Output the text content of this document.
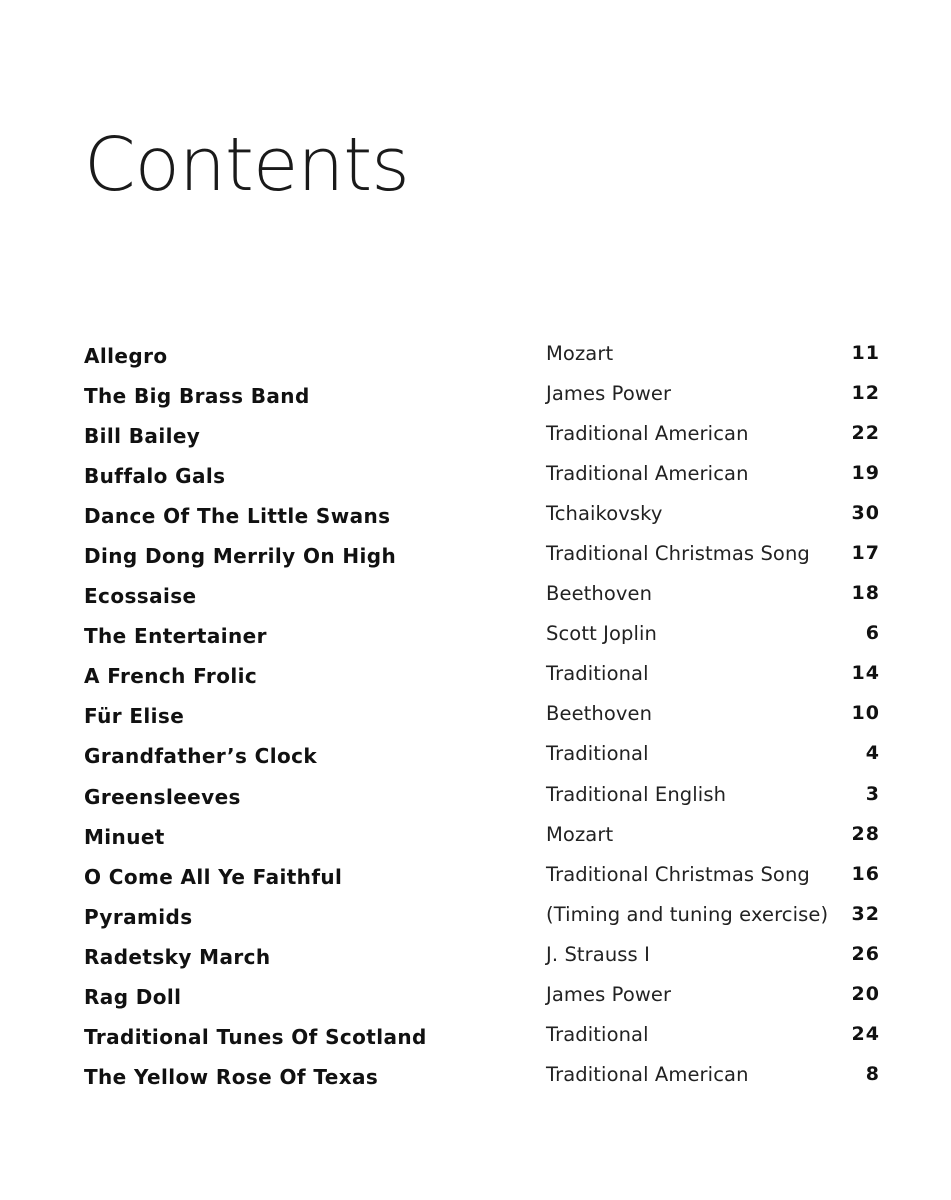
Contents
Allegro	Mozart	11
The Big Brass Band	James Power	12
Bill Bailey	Traditional American	22
Buffalo Gals	Traditional American	19
Dance Of The Little Swans	Tchaikovsky	30
Ding Dong Merrily On High	Traditional Christmas Song 17
Ecossaise	Beethoven	18
The Entertainer	Scott Joplin	6
A French Frolic	Traditional	14
Für Elise	Beethoven	10
Grandfather’s Clock	Traditional	4
Greensleeves	Traditional English	3
Minuet	Mozart	28
O Come All Ye Faithful	Traditional Christmas Song 16
Pyramids	(Timing and tuning exercise) 32
Radetsky March	J. Strauss I	26
Rag Doll	James Power	20
Traditional Tunes Of Scotland	Traditional	24
The Yellow Rose Of Texas	Traditional American	8
